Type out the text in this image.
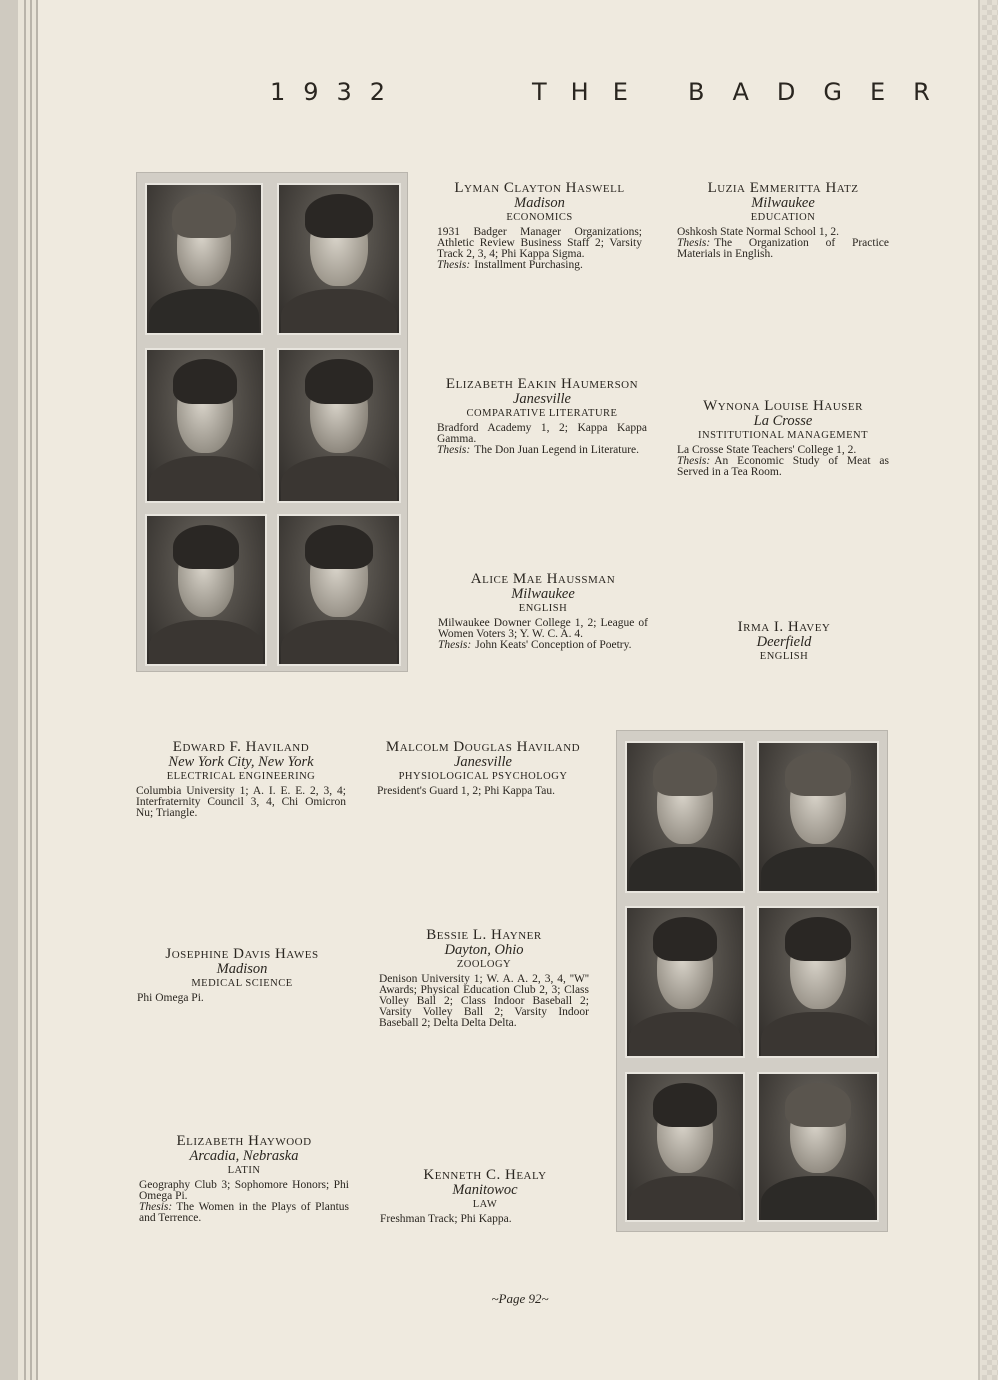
1932	THE BADGER
Lyman Clayton Haswell
Madison
ECONOMICS
1931 Badger Manager Organizations; Athletic Review Business Staff 2; Varsity Track 2, 3, 4; Phi Kappa Sigma.
Thesis: Installment Purchasing.
Luzia Emmeritta Hatz
Milwaukee
EDUCATION
Oshkosh State Normal School 1, 2.
Thesis: The Organization of Practice Materials in English.
Elizabeth Eakin Haumerson
Janesville
COMPARATIVE LITERATURE
Bradford Academy 1, 2; Kappa Kappa Gamma.
Thesis: The Don Juan Legend in Literature.
Wynona Louise Hauser
La Crosse
INSTITUTIONAL MANAGEMENT
La Crosse State Teachers' College 1, 2.
Thesis: An Economic Study of Meat as Served in a Tea Room.
Alice Mae Haussman
Milwaukee
ENGLISH
Milwaukee Downer College 1, 2; League of Women Voters 3; Y. W. C. A. 4.
Thesis: John Keats' Conception of Poetry.
Irma I. Havey
Deerfield
ENGLISH
Edward F. Haviland
New York City, New York
ELECTRICAL ENGINEERING
Columbia University 1; A. I. E. E. 2, 3, 4; Interfraternity Council 3, 4, Chi Omicron Nu; Triangle.
Malcolm Douglas Haviland
Janesville
PHYSIOLOGICAL PSYCHOLOGY
President's Guard 1, 2; Phi Kappa Tau.
Josephine Davis Hawes
Madison
MEDICAL SCIENCE
Phi Omega Pi.
Bessie L. Hayner
Dayton, Ohio
ZOOLOGY
Denison University 1; W. A. A. 2, 3, 4, ''W'' Awards; Physical Education Club 2, 3; Class Volley Ball 2; Class Indoor Baseball 2; Varsity Volley Ball 2; Varsity Indoor Baseball 2; Delta Delta Delta.
Elizabeth Haywood
Arcadia, Nebraska
LATIN
Geography Club 3; Sophomore Honors; Phi Omega Pi.
Thesis: The Women in the Plays of Plantus and Terrence.
Kenneth C. Healy
Manitowoc
LAW
Freshman Track; Phi Kappa.
~Page 92~
